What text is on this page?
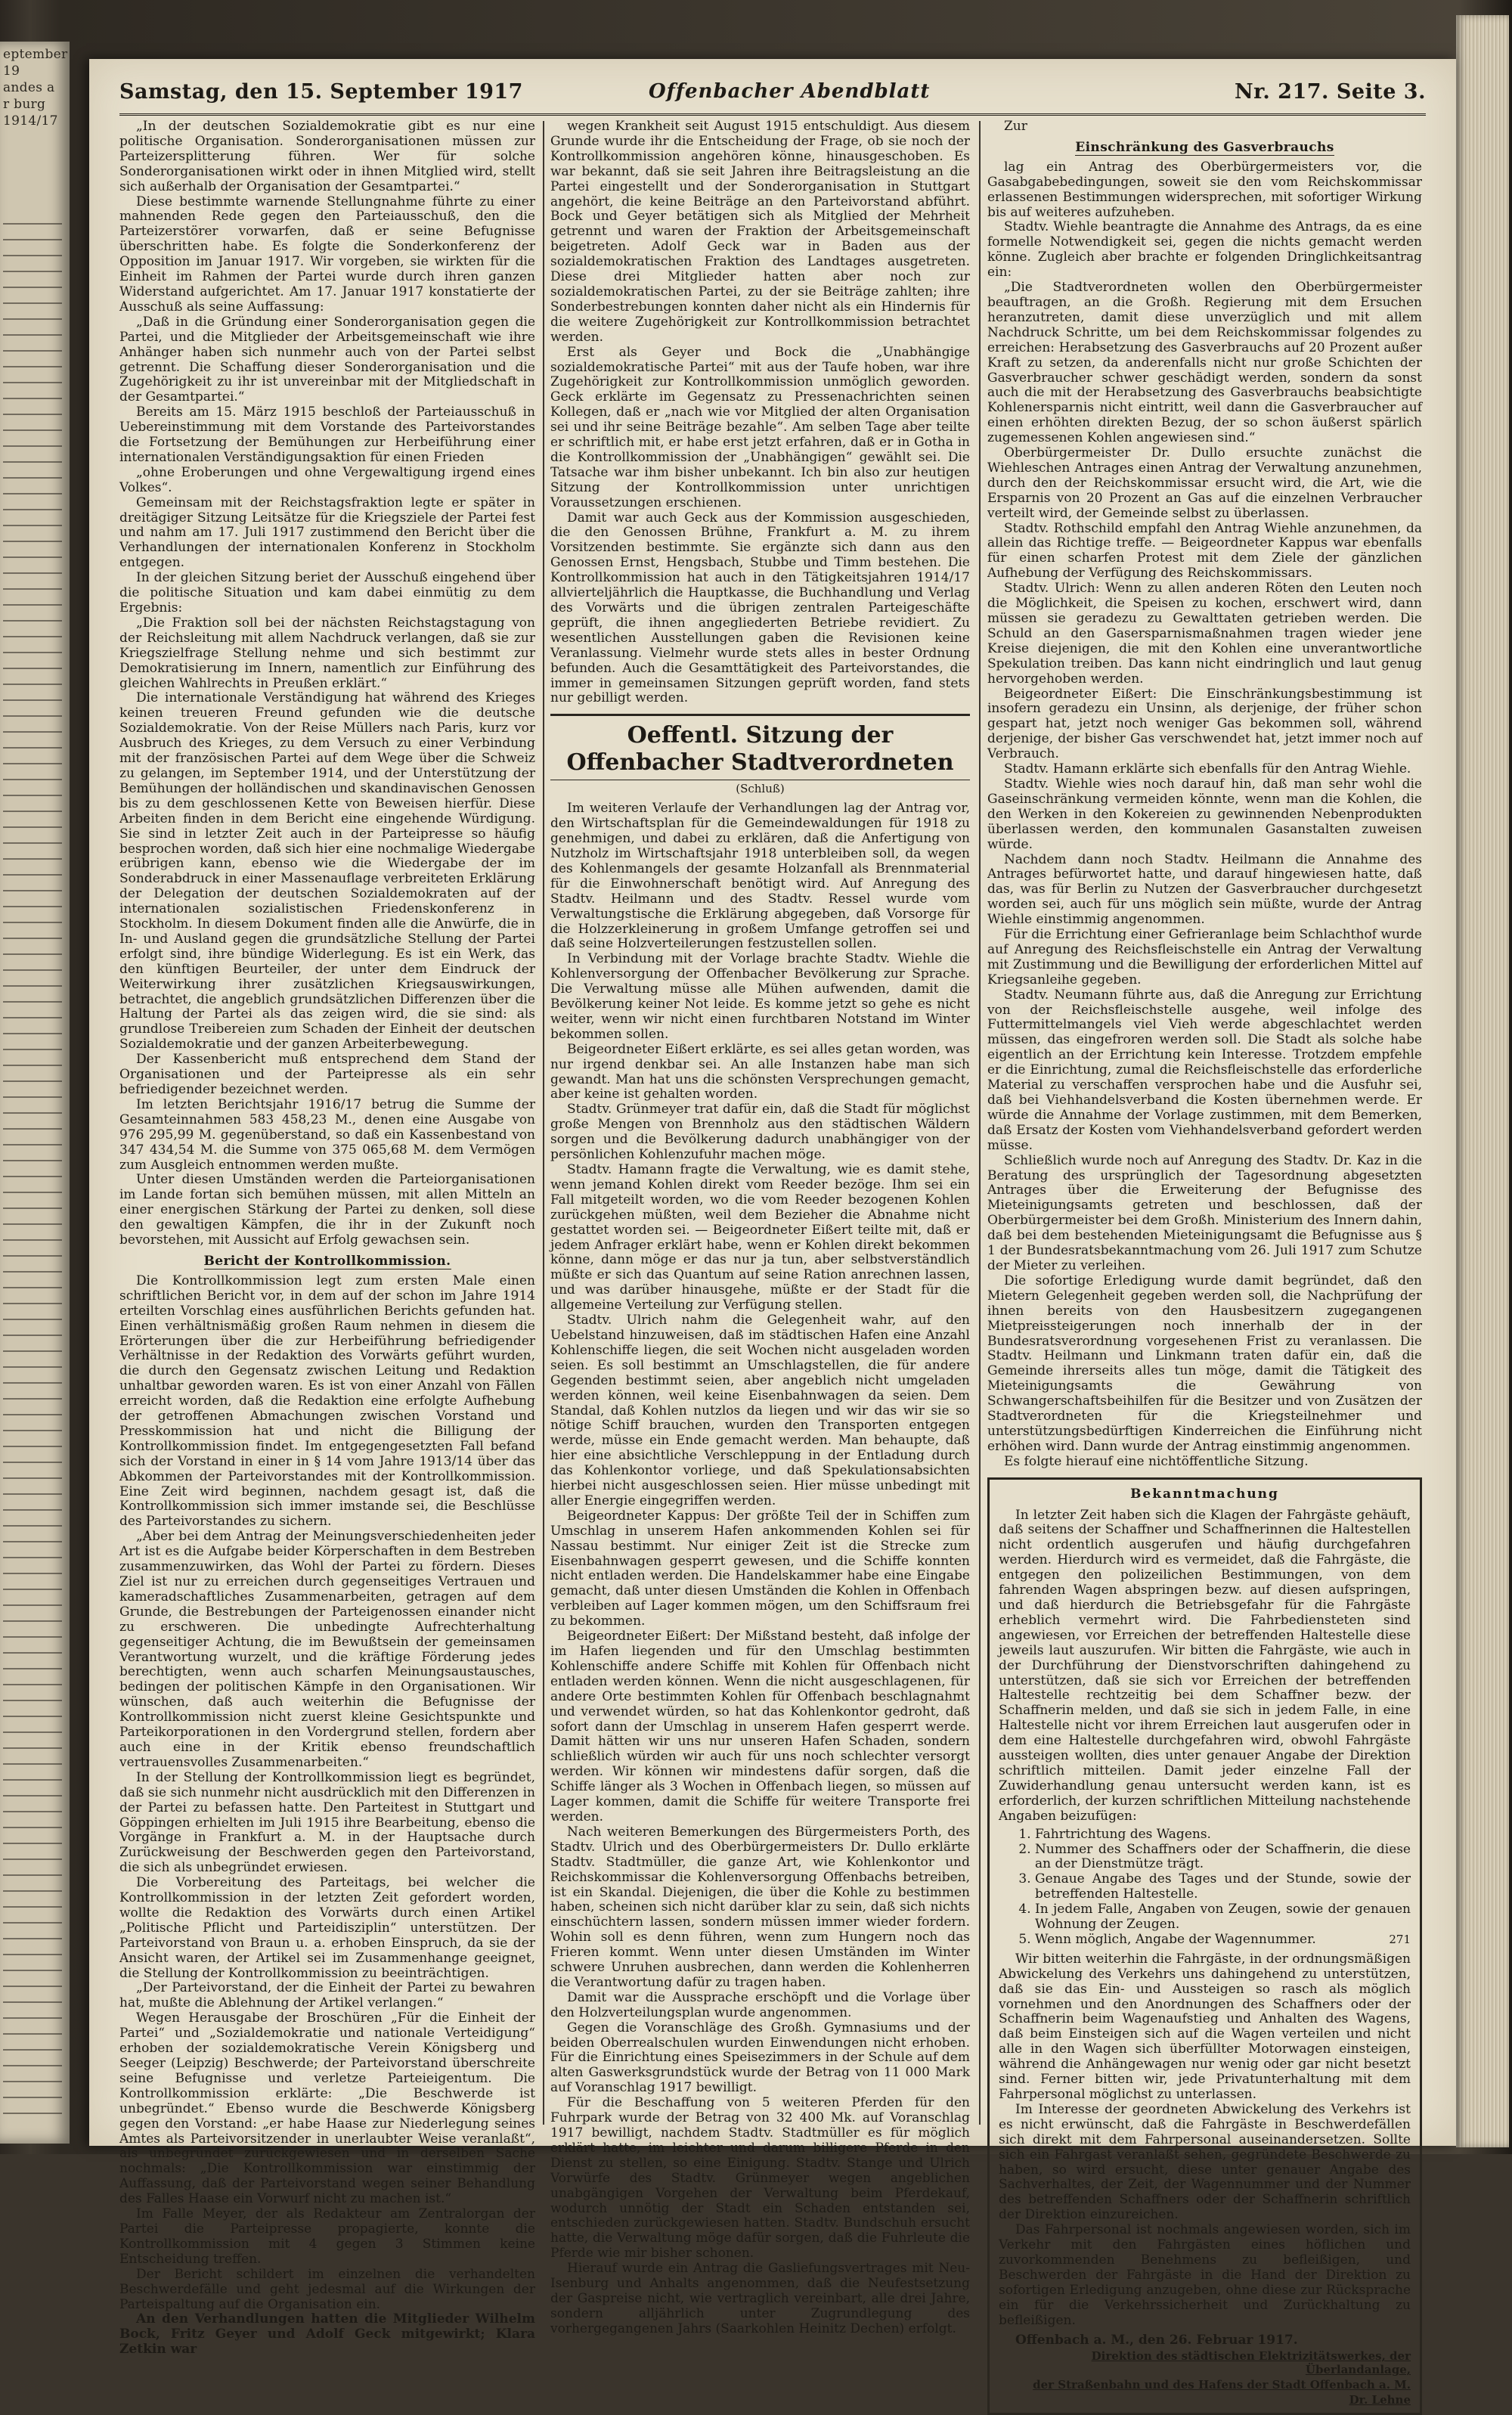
eptember 19
andes a
r burg
1914/17
Samstag, den 15. September 1917	Offenbacher Abendblatt	Nr. 217. Seite 3.

„In der deutschen Sozialdemokratie gibt es nur eine politische Organisation. Sonderorganisationen müssen zur Parteizersplitterung führen. Wer für solche Sonderorganisationen wirkt oder in ihnen Mitglied wird, stellt sich außerhalb der Organisation der Gesamtpartei.“

Diese bestimmte warnende Stellungnahme führte zu einer mahnenden Rede gegen den Parteiausschuß, den die Parteizerstörer vorwarfen, daß er seine Befugnisse überschritten habe. Es folgte die Sonderkonferenz der Opposition im Januar 1917. Wir vorgeben, sie wirkten für die Einheit im Rahmen der Partei wurde durch ihren ganzen Widerstand aufgerichtet. Am 17. Januar 1917 konstatierte der Ausschuß als seine Auffassung:

„Daß in die Gründung einer Sonderorganisation gegen die Partei, und die Mitglieder der Arbeitsgemeinschaft wie ihre Anhänger haben sich nunmehr auch von der Partei selbst getrennt. Die Schaffung dieser Sonderorganisation und die Zugehörigkeit zu ihr ist unvereinbar mit der Mitgliedschaft in der Gesamtpartei.“

Bereits am 15. März 1915 beschloß der Parteiausschuß in Uebereinstimmung mit dem Vorstande des Parteivorstandes die Fortsetzung der Bemühungen zur Herbeiführung einer internationalen Verständigungsaktion für einen Frieden

„ohne Eroberungen und ohne Vergewaltigung irgend eines Volkes“.

Gemeinsam mit der Reichstagsfraktion legte er später in dreitägiger Sitzung Leitsätze für die Kriegsziele der Partei fest und nahm am 17. Juli 1917 zustimmend den Bericht über die Verhandlungen der internationalen Konferenz in Stockholm entgegen.

In der gleichen Sitzung beriet der Ausschuß eingehend über die politische Situation und kam dabei einmütig zu dem Ergebnis:

„Die Fraktion soll bei der nächsten Reichstagstagung von der Reichsleitung mit allem Nachdruck verlangen, daß sie zur Kriegszielfrage Stellung nehme und sich bestimmt zur Demokratisierung im Innern, namentlich zur Einführung des gleichen Wahlrechts in Preußen erklärt.“

Die internationale Verständigung hat während des Krieges keinen treueren Freund gefunden wie die deutsche Sozialdemokratie. Von der Reise Müllers nach Paris, kurz vor Ausbruch des Krieges, zu dem Versuch zu einer Verbindung mit der französischen Partei auf dem Wege über die Schweiz zu gelangen, im September 1914, und der Unterstützung der Bemühungen der holländischen und skandinavischen Genossen bis zu dem geschlossenen Kette von Beweisen hierfür. Diese Arbeiten finden in dem Bericht eine eingehende Würdigung. Sie sind in letzter Zeit auch in der Parteipresse so häufig besprochen worden, daß sich hier eine nochmalige Wiedergabe erübrigen kann, ebenso wie die Wiedergabe der im Sonderabdruck in einer Massenauflage verbreiteten Erklärung der Delegation der deutschen Sozialdemokraten auf der internationalen sozialistischen Friedenskonferenz in Stockholm. In diesem Dokument finden alle die Anwürfe, die in In- und Ausland gegen die grundsätzliche Stellung der Partei erfolgt sind, ihre bündige Widerlegung. Es ist ein Werk, das den künftigen Beurteiler, der unter dem Eindruck der Weiterwirkung ihrer zusätzlichen Kriegsauswirkungen, betrachtet, die angeblich grundsätzlichen Differenzen über die Haltung der Partei als das zeigen wird, die sie sind: als grundlose Treibereien zum Schaden der Einheit der deutschen Sozialdemokratie und der ganzen Arbeiterbewegung.

Der Kassenbericht muß entsprechend dem Stand der Organisationen und der Parteipresse als ein sehr befriedigender bezeichnet werden.

Im letzten Berichtsjahr 1916/17 betrug die Summe der Gesamteinnahmen 583 458,23 M., denen eine Ausgabe von 976 295,99 M. gegenüberstand, so daß ein Kassenbestand von 347 434,54 M. die Summe von 375 065,68 M. dem Vermögen zum Ausgleich entnommen werden mußte.

Unter diesen Umständen werden die Parteiorganisationen im Lande fortan sich bemühen müssen, mit allen Mitteln an einer energischen Stärkung der Partei zu denken, soll diese den gewaltigen Kämpfen, die ihr in der Zukunft noch bevorstehen, mit Aussicht auf Erfolg gewachsen sein.

Bericht der Kontrollkommission.

Die Kontrollkommission legt zum ersten Male einen schriftlichen Bericht vor, in dem auf der schon im Jahre 1914 erteilten Vorschlag eines ausführlichen Berichts gefunden hat. Einen verhältnismäßig großen Raum nehmen in diesem die Erörterungen über die zur Herbeiführung befriedigender Verhältnisse in der Redaktion des Vorwärts geführt wurden, die durch den Gegensatz zwischen Leitung und Redaktion unhaltbar geworden waren. Es ist von einer Anzahl von Fällen erreicht worden, daß die Redaktion eine erfolgte Aufhebung der getroffenen Abmachungen zwischen Vorstand und Presskommission hat und nicht die Billigung der Kontrollkommission findet. Im entgegengesetzten Fall befand sich der Vorstand in einer in § 14 vom Jahre 1913/14 über das Abkommen der Parteivorstandes mit der Kontrollkommission. Eine Zeit wird beginnen, nachdem gesagt ist, daß die Kontrollkommission sich immer imstande sei, die Beschlüsse des Parteivorstandes zu sichern.

„Aber bei dem Antrag der Meinungsverschiedenheiten jeder Art ist es die Aufgabe beider Körperschaften in dem Bestreben zusammenzuwirken, das Wohl der Partei zu fördern. Dieses Ziel ist nur zu erreichen durch gegenseitiges Vertrauen und kameradschaftliches Zusammenarbeiten, getragen auf dem Grunde, die Bestrebungen der Parteigenossen einander nicht zu erschweren. Die unbedingte Aufrechterhaltung gegenseitiger Achtung, die im Bewußtsein der gemeinsamen Verantwortung wurzelt, und die kräftige Förderung jedes berechtigten, wenn auch scharfen Meinungsaustausches, bedingen der politischen Kämpfe in den Organisationen. Wir wünschen, daß auch weiterhin die Befugnisse der Kontrollkommission nicht zuerst kleine Gesichtspunkte und Parteikorporationen in den Vordergrund stellen, fordern aber auch eine in der Kritik ebenso freundschaftlich vertrauensvolles Zusammenarbeiten.“

In der Stellung der Kontrollkommission liegt es begründet, daß sie sich nunmehr nicht ausdrücklich mit den Differenzen in der Partei zu befassen hatte. Den Parteitest in Stuttgart und Göppingen erhielten im Juli 1915 ihre Bearbeitung, ebenso die Vorgänge in Frankfurt a. M. in der Hauptsache durch Zurückweisung der Beschwerden gegen den Parteivorstand, die sich als unbegründet erwiesen.

Die Vorbereitung des Parteitags, bei welcher die Kontrollkommission in der letzten Zeit gefordert worden, wollte die Redaktion des Vorwärts durch einen Artikel „Politische Pflicht und Parteidisziplin“ unterstützen. Der Parteivorstand von Braun u. a. erhoben Einspruch, da sie der Ansicht waren, der Artikel sei im Zusammenhange geeignet, die Stellung der Kontrollkommission zu beeinträchtigen.

„Der Parteivorstand, der die Einheit der Partei zu bewahren hat, mußte die Ablehnung der Artikel verlangen.“

Wegen Herausgabe der Broschüren „Für die Einheit der Partei“ und „Sozialdemokratie und nationale Verteidigung“ erhoben der sozialdemokratische Verein Königsberg und Seeger (Leipzig) Beschwerde; der Parteivorstand überschreite seine Befugnisse und verletze Parteieigentum. Die Kontrollkommission erklärte: „Die Beschwerde ist unbegründet.“ Ebenso wurde die Beschwerde Königsberg gegen den Vorstand: „er habe Haase zur Niederlegung seines Amtes als Parteivorsitzender in unerlaubter Weise veranlaßt“, als unbegründet zurückgewiesen und in derselben Sache nochmals: „Die Kontrollkommission war einstimmig der Auffassung, daß der Parteivorstand wegen seiner Behandlung des Falles Haase ein Vorwurf nicht zu machen ist.“

Im Falle Meyer, der als Redakteur am Zentralorgan der Partei die Parteipresse propagierte, konnte die Kontrollkommission mit 4 gegen 3 Stimmen keine Entscheidung treffen.

Der Bericht schildert im einzelnen die verhandelten Beschwerdefälle und geht jedesmal auf die Wirkungen der Parteispaltung auf die Organisation ein.

An den Verhandlungen hatten die Mitglieder Wilhelm Bock, Fritz Geyer und Adolf Geck mitgewirkt; Klara Zetkin war

wegen Krankheit seit August 1915 entschuldigt. Aus diesem Grunde wurde ihr die Entscheidung der Frage, ob sie noch der Kontrollkommission angehören könne, hinausgeschoben. Es war bekannt, daß sie seit Jahren ihre Beitragsleistung an die Partei eingestellt und der Sonderorganisation in Stuttgart angehört, die keine Beiträge an den Parteivorstand abführt. Bock und Geyer betätigen sich als Mitglied der Mehrheit getrennt und waren der Fraktion der Arbeitsgemeinschaft beigetreten. Adolf Geck war in Baden aus der sozialdemokratischen Fraktion des Landtages ausgetreten. Diese drei Mitglieder hatten aber noch zur sozialdemokratischen Partei, zu der sie Beiträge zahlten; ihre Sonderbestrebungen konnten daher nicht als ein Hindernis für die weitere Zugehörigkeit zur Kontrollkommission betrachtet werden.

Erst als Geyer und Bock die „Unabhängige sozialdemokratische Partei“ mit aus der Taufe hoben, war ihre Zugehörigkeit zur Kontrollkommission unmöglich geworden. Geck erklärte im Gegensatz zu Pressenachrichten seinen Kollegen, daß er „nach wie vor Mitglied der alten Organisation sei und ihr seine Beiträge bezahle“. Am selben Tage aber teilte er schriftlich mit, er habe erst jetzt erfahren, daß er in Gotha in die Kontrollkommission der „Unabhängigen“ gewählt sei. Die Tatsache war ihm bisher unbekannt. Ich bin also zur heutigen Sitzung der Kontrollkommission unter unrichtigen Voraussetzungen erschienen.

Damit war auch Geck aus der Kommission ausgeschieden, die den Genossen Brühne, Frankfurt a. M. zu ihrem Vorsitzenden bestimmte. Sie ergänzte sich dann aus den Genossen Ernst, Hengsbach, Stubbe und Timm bestehen. Die Kontrollkommission hat auch in den Tätigkeitsjahren 1914/17 allvierteljährlich die Hauptkasse, die Buchhandlung und Verlag des Vorwärts und die übrigen zentralen Parteigeschäfte geprüft, die ihnen angegliederten Betriebe revidiert. Zu wesentlichen Ausstellungen gaben die Revisionen keine Veranlassung. Vielmehr wurde stets alles in bester Ordnung befunden. Auch die Gesamttätigkeit des Parteivorstandes, die immer in gemeinsamen Sitzungen geprüft worden, fand stets nur gebilligt werden.

Oeffentl. Sitzung der Offenbacher Stadtverordneten
(Schluß)

Im weiteren Verlaufe der Verhandlungen lag der Antrag vor, den Wirtschaftsplan für die Gemeindewaldungen für 1918 zu genehmigen, und dabei zu erklären, daß die Anfertigung von Nutzholz im Wirtschaftsjahr 1918 unterbleiben soll, da wegen des Kohlenmangels der gesamte Holzanfall als Brennmaterial für die Einwohnerschaft benötigt wird. Auf Anregung des Stadtv. Heilmann und des Stadtv. Ressel wurde vom Verwaltungstische die Erklärung abgegeben, daß Vorsorge für die Holzzerkleinerung in großem Umfange getroffen sei und daß seine Holzverteilerungen festzustellen sollen.

In Verbindung mit der Vorlage brachte Stadtv. Wiehle die Kohlenversorgung der Offenbacher Bevölkerung zur Sprache. Die Verwaltung müsse alle Mühen aufwenden, damit die Bevölkerung keiner Not leide. Es komme jetzt so gehe es nicht weiter, wenn wir nicht einen furchtbaren Notstand im Winter bekommen sollen.

Beigeordneter Eißert erklärte, es sei alles getan worden, was nur irgend denkbar sei. An alle Instanzen habe man sich gewandt. Man hat uns die schönsten Versprechungen gemacht, aber keine ist gehalten worden.

Stadtv. Grünmeyer trat dafür ein, daß die Stadt für möglichst große Mengen von Brennholz aus den städtischen Wäldern sorgen und die Bevölkerung dadurch unabhängiger von der persönlichen Kohlenzufuhr machen möge.

Stadtv. Hamann fragte die Verwaltung, wie es damit stehe, wenn jemand Kohlen direkt vom Reeder bezöge. Ihm sei ein Fall mitgeteilt worden, wo die vom Reeder bezogenen Kohlen zurückgehen müßten, weil dem Bezieher die Abnahme nicht gestattet worden sei. — Beigeordneter Eißert teilte mit, daß er jedem Anfrager erklärt habe, wenn er Kohlen direkt bekommen könne, dann möge er das nur ja tun, aber selbstverständlich müßte er sich das Quantum auf seine Ration anrechnen lassen, und was darüber hinausgehe, müßte er der Stadt für die allgemeine Verteilung zur Verfügung stellen.

Stadtv. Ulrich nahm die Gelegenheit wahr, auf den Uebelstand hinzuweisen, daß im städtischen Hafen eine Anzahl Kohlenschiffe liegen, die seit Wochen nicht ausgeladen worden seien. Es soll bestimmt an Umschlagstellen, die für andere Gegenden bestimmt seien, aber angeblich nicht umgeladen werden können, weil keine Eisenbahnwagen da seien. Dem Standal, daß Kohlen nutzlos da liegen und wir das wir sie so nötige Schiff brauchen, wurden den Transporten entgegen werde, müsse ein Ende gemacht werden. Man behaupte, daß hier eine absichtliche Verschleppung in der Entladung durch das Kohlenkontor vorliege, und daß Spekulationsabsichten hierbei nicht ausgeschlossen seien. Hier müsse unbedingt mit aller Energie eingegriffen werden.

Beigeordneter Kappus: Der größte Teil der in Schiffen zum Umschlag in unserem Hafen ankommenden Kohlen sei für Nassau bestimmt. Nur einiger Zeit ist die Strecke zum Eisenbahnwagen gesperrt gewesen, und die Schiffe konnten nicht entladen werden. Die Handelskammer habe eine Eingabe gemacht, daß unter diesen Umständen die Kohlen in Offenbach verbleiben auf Lager kommen mögen, um den Schiffsraum frei zu bekommen.

Beigeordneter Eißert: Der Mißstand besteht, daß infolge der im Hafen liegenden und für den Umschlag bestimmten Kohlenschiffe andere Schiffe mit Kohlen für Offenbach nicht entladen werden können. Wenn die nicht ausgeschlagenen, für andere Orte bestimmten Kohlen für Offenbach beschlagnahmt und verwendet würden, so hat das Kohlenkontor gedroht, daß sofort dann der Umschlag in unserem Hafen gesperrt werde. Damit hätten wir uns nur unseren Hafen Schaden, sondern schließlich würden wir auch für uns noch schlechter versorgt werden. Wir können wir mindestens dafür sorgen, daß die Schiffe länger als 3 Wochen in Offenbach liegen, so müssen auf Lager kommen, damit die Schiffe für weitere Transporte frei werden.

Nach weiteren Bemerkungen des Bürgermeisters Porth, des Stadtv. Ulrich und des Oberbürgermeisters Dr. Dullo erklärte Stadtv. Stadtmüller, die ganze Art, wie Kohlenkontor und Reichskommissar die Kohlenversorgung Offenbachs betreiben, ist ein Skandal. Diejenigen, die über die Kohle zu bestimmen haben, scheinen sich nicht darüber klar zu sein, daß sich nichts einschüchtern lassen, sondern müssen immer wieder fordern. Wohin soll es denn führen, wenn zum Hungern noch das Frieren kommt. Wenn unter diesen Umständen im Winter schwere Unruhen ausbrechen, dann werden die Kohlenherren die Verantwortung dafür zu tragen haben.

Damit war die Aussprache erschöpft und die Vorlage über den Holzverteilungsplan wurde angenommen.

Gegen die Voranschläge des Großh. Gymnasiums und der beiden Oberrealschulen wurden Einwendungen nicht erhoben. Für die Einrichtung eines Speisezimmers in der Schule auf dem alten Gaswerksgrundstück wurde der Betrag von 11 000 Mark auf Voranschlag 1917 bewilligt.

Für die Beschaffung von 5 weiteren Pferden für den Fuhrpark wurde der Betrag von 32 400 Mk. auf Voranschlag 1917 bewilligt, nachdem Stadtv. Stadtmüller es für möglich erklärt hatte, im leichter und darum billigere Pferde in den Dienst zu stellen, so eine Einigung. Stadtv. Stange und Ulrich Vorwürfe des Stadtv. Grünmeyer wegen angeblichen unabgängigen Vorgehen der Verwaltung beim Pferdekauf, wodurch unnötig der Stadt ein Schaden entstanden sei, entschieden zurückgewiesen hatten. Stadtv. Bundschuh ersucht hatte, die Verwaltung möge dafür sorgen, daß die Fuhrleute die Pferde wie mir bisher schonen.

Hierauf wurde ein Antrag die Gasliefungsvertrages mit Neu-Isenburg und Anhalts angenommen, daß die Neufestsetzung der Gaspreise nicht, wie vertraglich vereinbart, alle drei Jahre, sondern alljährlich unter Zugrundlegung des vorhergegangenen Jahrs (Saarkohlen Heinitz Dechen) erfolgt.

Zur

Einschränkung des Gasverbrauchs

lag ein Antrag des Oberbürgermeisters vor, die Gasabgabebedingungen, soweit sie den vom Reichskommissar erlassenen Bestimmungen widersprechen, mit sofortiger Wirkung bis auf weiteres aufzuheben.

Stadtv. Wiehle beantragte die Annahme des Antrags, da es eine formelle Notwendigkeit sei, gegen die nichts gemacht werden könne. Zugleich aber brachte er folgenden Dringlichkeitsantrag ein:

„Die Stadtverordneten wollen den Oberbürgermeister beauftragen, an die Großh. Regierung mit dem Ersuchen heranzutreten, damit diese unverzüglich und mit allem Nachdruck Schritte, um bei dem Reichskommissar folgendes zu erreichen: Herabsetzung des Gasverbrauchs auf 20 Prozent außer Kraft zu setzen, da anderenfalls nicht nur große Schichten der Gasverbraucher schwer geschädigt werden, sondern da sonst auch die mit der Herabsetzung des Gasverbrauchs beabsichtigte Kohlenersparnis nicht eintritt, weil dann die Gasverbraucher auf einen erhöhten direkten Bezug, der so schon äußerst spärlich zugemessenen Kohlen angewiesen sind.“

Oberbürgermeister Dr. Dullo ersuchte zunächst die Wiehleschen Antrages einen Antrag der Verwaltung anzunehmen, durch den der Reichskommissar ersucht wird, die Art, wie die Ersparnis von 20 Prozent an Gas auf die einzelnen Verbraucher verteilt wird, der Gemeinde selbst zu überlassen.

Stadtv. Rothschild empfahl den Antrag Wiehle anzunehmen, da allein das Richtige treffe. — Beigeordneter Kappus war ebenfalls für einen scharfen Protest mit dem Ziele der gänzlichen Aufhebung der Verfügung des Reichskommissars.

Stadtv. Ulrich: Wenn zu allen anderen Röten den Leuten noch die Möglichkeit, die Speisen zu kochen, erschwert wird, dann müssen sie geradezu zu Gewalttaten getrieben werden. Die Schuld an den Gasersparnismaßnahmen tragen wieder jene Kreise diejenigen, die mit den Kohlen eine unverantwortliche Spekulation treiben. Das kann nicht eindringlich und laut genug hervorgehoben werden.

Beigeordneter Eißert: Die Einschränkungsbestimmung ist insofern geradezu ein Unsinn, als derjenige, der früher schon gespart hat, jetzt noch weniger Gas bekommen soll, während derjenige, der bisher Gas verschwendet hat, jetzt immer noch auf Verbrauch.

Stadtv. Hamann erklärte sich ebenfalls für den Antrag Wiehle.

Stadtv. Wiehle wies noch darauf hin, daß man sehr wohl die Gaseinschränkung vermeiden könnte, wenn man die Kohlen, die den Werken in den Kokereien zu gewinnenden Nebenprodukten überlassen werden, den kommunalen Gasanstalten zuweisen würde.

Nachdem dann noch Stadtv. Heilmann die Annahme des Antrages befürwortet hatte, und darauf hingewiesen hatte, daß das, was für Berlin zu Nutzen der Gasverbraucher durchgesetzt worden sei, auch für uns möglich sein müßte, wurde der Antrag Wiehle einstimmig angenommen.

Für die Errichtung einer Gefrieranlage beim Schlachthof wurde auf Anregung des Reichsfleischstelle ein Antrag der Verwaltung mit Zustimmung und die Bewilligung der erforderlichen Mittel auf Kriegsanleihe gegeben.

Stadtv. Neumann führte aus, daß die Anregung zur Errichtung von der Reichsfleischstelle ausgehe, weil infolge des Futtermittelmangels viel Vieh werde abgeschlachtet werden müssen, das eingefroren werden soll. Die Stadt als solche habe eigentlich an der Errichtung kein Interesse. Trotzdem empfehle er die Einrichtung, zumal die Reichsfleischstelle das erforderliche Material zu verschaffen versprochen habe und die Ausfuhr sei, daß bei Viehhandelsverband die Kosten übernehmen werde. Er würde die Annahme der Vorlage zustimmen, mit dem Bemerken, daß Ersatz der Kosten vom Viehhandelsverband gefordert werden müsse.

Schließlich wurde noch auf Anregung des Stadtv. Dr. Kaz in die Beratung des ursprünglich der Tagesordnung abgesetzten Antrages über die Erweiterung der Befugnisse des Mieteinigungsamts getreten und beschlossen, daß der Oberbürgermeister bei dem Großh. Ministerium des Innern dahin, daß bei dem bestehenden Mieteinigungsamt die Befugnisse aus § 1 der Bundesratsbekanntmachung vom 26. Juli 1917 zum Schutze der Mieter zu verleihen.

Die sofortige Erledigung wurde damit begründet, daß den Mietern Gelegenheit gegeben werden soll, die Nachprüfung der ihnen bereits von den Hausbesitzern zugegangenen Mietpreissteigerungen noch innerhalb der in der Bundesratsverordnung vorgesehenen Frist zu veranlassen. Die Stadtv. Heilmann und Linkmann traten dafür ein, daß die Gemeinde ihrerseits alles tun möge, damit die Tätigkeit des Mieteinigungsamts die Gewährung von Schwangerschaftsbeihilfen für die Besitzer und von Zusätzen der Stadtverordneten für die Kriegsteilnehmer und unterstützungsbedürftigen Kinderreichen die Einführung nicht erhöhen wird. Dann wurde der Antrag einstimmig angenommen.

Es folgte hierauf eine nichtöffentliche Sitzung.

Bekanntmachung

In letzter Zeit haben sich die Klagen der Fahrgäste gehäuft, daß seitens der Schaffner und Schaffnerinnen die Haltestellen nicht ordentlich ausgerufen und häufig durchgefahren werden. Hierdurch wird es vermeidet, daß die Fahrgäste, die entgegen den polizeilichen Bestimmungen, von dem fahrenden Wagen abspringen bezw. auf diesen aufspringen, und daß hierdurch die Betriebsgefahr für die Fahrgäste erheblich vermehrt wird. Die Fahrbediensteten sind angewiesen, vor Erreichen der betreffenden Haltestelle diese jeweils laut auszurufen. Wir bitten die Fahrgäste, wie auch in der Durchführung der Dienstvorschriften dahingehend zu unterstützen, daß sie sich vor Erreichen der betreffenden Haltestelle rechtzeitig bei dem Schaffner bezw. der Schaffnerin melden, und daß sie sich in jedem Falle, in eine Haltestelle nicht vor ihrem Erreichen laut ausgerufen oder in dem eine Haltestelle durchgefahren wird, obwohl Fahrgäste aussteigen wollten, dies unter genauer Angabe der Direktion schriftlich mitteilen. Damit jeder einzelne Fall der Zuwiderhandlung genau untersucht werden kann, ist es erforderlich, der kurzen schriftlichen Mitteilung nachstehende Angaben beizufügen:

1. Fahrtrichtung des Wagens.
2. Nummer des Schaffners oder der Schaffnerin, die diese an der Dienstmütze trägt.
3. Genaue Angabe des Tages und der Stunde, sowie der betreffenden Haltestelle.
4. In jedem Falle, Angaben von Zeugen, sowie der genauen Wohnung der Zeugen.
5. Wenn möglich, Angabe der Wagennummer.	271

Wir bitten weiterhin die Fahrgäste, in der ordnungsmäßigen Abwickelung des Verkehrs uns dahingehend zu unterstützen, daß sie das Ein- und Aussteigen so rasch als möglich vornehmen und den Anordnungen des Schaffners oder der Schaffnerin beim Wagenaufstieg und Anhalten des Wagens, daß beim Einsteigen sich auf die Wagen verteilen und nicht alle in den Wagen sich überfüllter Motorwagen einsteigen, während die Anhängewagen nur wenig oder gar nicht besetzt sind. Ferner bitten wir, jede Privatunterhaltung mit dem Fahrpersonal möglichst zu unterlassen.

Im Interesse der geordneten Abwickelung des Verkehrs ist es nicht erwünscht, daß die Fahrgäste in Beschwerdefällen sich direkt mit dem Fahrpersonal auseinandersetzen. Sollte sich ein Fahrgast veranlaßt sehen, gegründete Beschwerde zu haben, so wird ersucht, diese unter genauer Angabe des Sachverhaltes, der Zeit, der Wagennummer und der Nummer des betreffenden Schaffners oder der Schaffnerin schriftlich der Direktion einzureichen.

Das Fahrpersonal ist nochmals angewiesen worden, sich im Verkehr mit den Fahrgästen eines höflichen und zuvorkommenden Benehmens zu befleißigen, und Beschwerden der Fahrgäste in die Hand der Direktion zu sofortigen Erledigung anzugeben, ohne diese zur Rücksprache ein für die Verkehrssicherheit und Zurückhaltung zu befleißigen.

Offenbach a. M., den 26. Februar 1917.
Direktion des städtischen Elektrizitätswerkes, der Überlandanlage,
der Straßenbahn und des Hafens der Stadt Offenbach a. M.
Dr. Lehne
